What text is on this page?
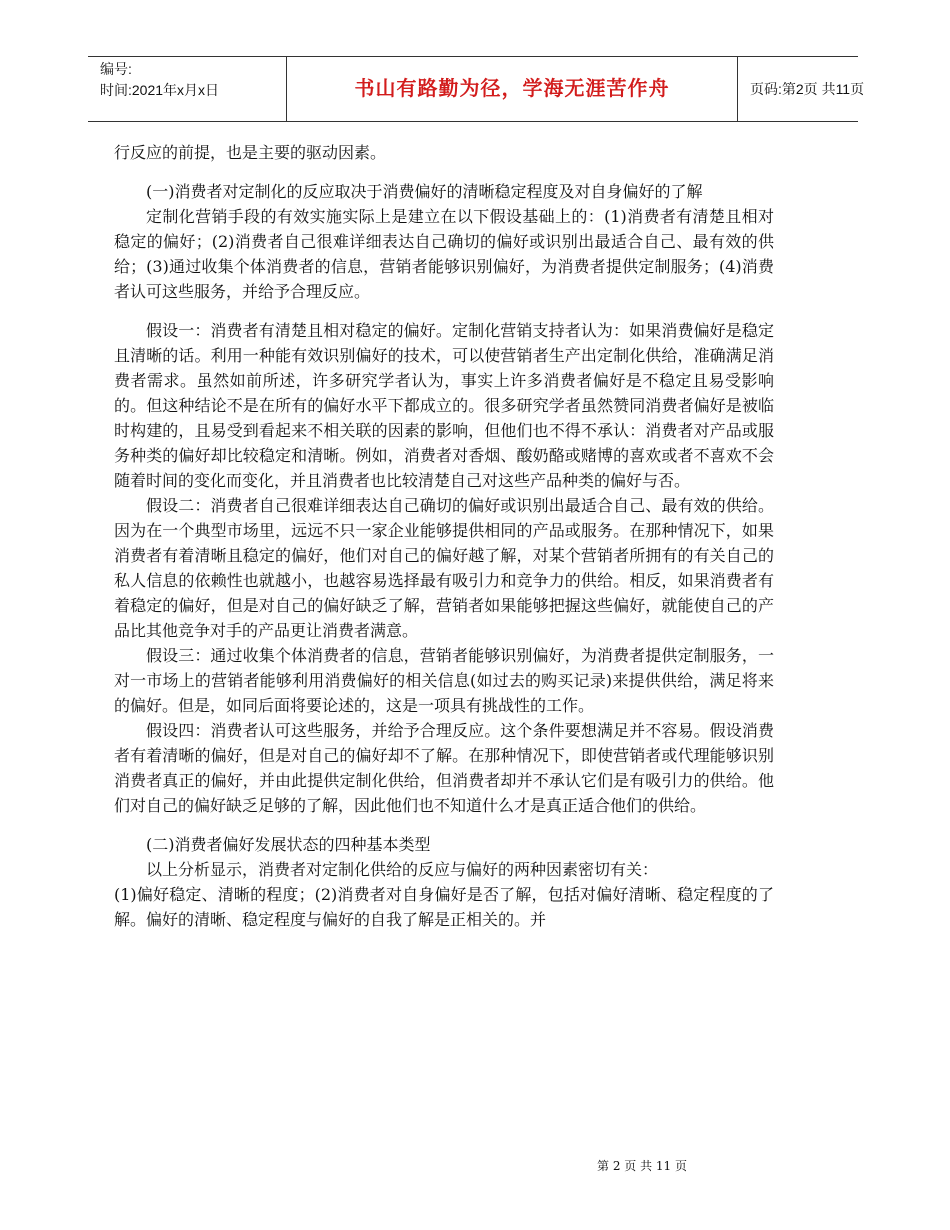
编号:
时间:2021年x月x日	书山有路勤为径，学海无涯苦作舟	页码:第2页 共11页

行反应的前提，也是主要的驱动因素。

(一)消费者对定制化的反应取决于消费偏好的清晰稳定程度及对自身偏好的了解

定制化营销手段的有效实施实际上是建立在以下假设基础上的：(1)消费者有清楚且相对稳定的偏好；(2)消费者自己很难详细表达自己确切的偏好或识别出最适合自己、最有效的供给；(3)通过收集个体消费者的信息，营销者能够识别偏好，为消费者提供定制服务；(4)消费者认可这些服务，并给予合理反应。

假设一：消费者有清楚且相对稳定的偏好。定制化营销支持者认为：如果消费偏好是稳定且清晰的话。利用一种能有效识别偏好的技术，可以使营销者生产出定制化供给，准确满足消费者需求。虽然如前所述，许多研究学者认为，事实上许多消费者偏好是不稳定且易受影响的。但这种结论不是在所有的偏好水平下都成立的。很多研究学者虽然赞同消费者偏好是被临时构建的，且易受到看起来不相关联的因素的影响，但他们也不得不承认：消费者对产品或服务种类的偏好却比较稳定和清晰。例如，消费者对香烟、酸奶酪或赌博的喜欢或者不喜欢不会随着时间的变化而变化，并且消费者也比较清楚自己对这些产品种类的偏好与否。

假设二：消费者自己很难详细表达自己确切的偏好或识别出最适合自己、最有效的供给。因为在一个典型市场里，远远不只一家企业能够提供相同的产品或服务。在那种情况下，如果消费者有着清晰且稳定的偏好，他们对自己的偏好越了解，对某个营销者所拥有的有关自己的私人信息的依赖性也就越小，也越容易选择最有吸引力和竞争力的供给。相反，如果消费者有着稳定的偏好，但是对自己的偏好缺乏了解，营销者如果能够把握这些偏好，就能使自己的产品比其他竞争对手的产品更让消费者满意。

假设三：通过收集个体消费者的信息，营销者能够识别偏好，为消费者提供定制服务，一对一市场上的营销者能够利用消费偏好的相关信息(如过去的购买记录)来提供供给，满足将来的偏好。但是，如同后面将要论述的，这是一项具有挑战性的工作。

假设四：消费者认可这些服务，并给予合理反应。这个条件要想满足并不容易。假设消费者有着清晰的偏好，但是对自己的偏好却不了解。在那种情况下，即使营销者或代理能够识别消费者真正的偏好，并由此提供定制化供给，但消费者却并不承认它们是有吸引力的供给。他们对自己的偏好缺乏足够的了解，因此他们也不知道什么才是真正适合他们的供给。

(二)消费者偏好发展状态的四种基本类型

以上分析显示，消费者对定制化供给的反应与偏好的两种因素密切有关：

(1)偏好稳定、清晰的程度；(2)消费者对自身偏好是否了解，包括对偏好清晰、稳定程度的了解。偏好的清晰、稳定程度与偏好的自我了解是正相关的。并

第 2 页 共 11 页
